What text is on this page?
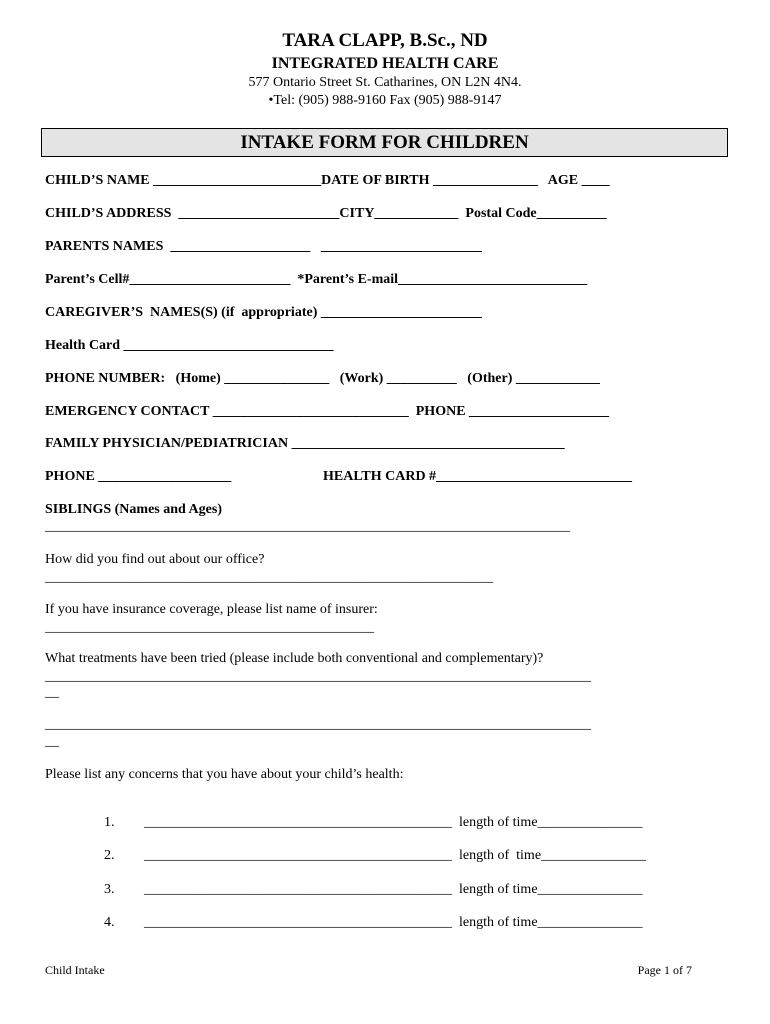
TARA CLAPP, B.Sc., ND
INTEGRATED HEALTH CARE
577 Ontario Street St. Catharines, ON L2N 4N4.
•Tel: (905) 988-9160 Fax (905) 988-9147
INTAKE FORM FOR CHILDREN
CHILD’S NAME ________________________DATE OF BIRTH _______________   AGE ____
CHILD’S ADDRESS  _______________________CITY____________  Postal Code__________
PARENTS NAMES  ____________________   _______________________
Parent’s Cell#_______________________  *Parent’s E-mail___________________________
CAREGIVER’S  NAMES(S) (if  appropriate) _______________________
Health Card ______________________________
PHONE NUMBER:   (Home) _______________   (Work) __________   (Other) ____________
EMERGENCY CONTACT ____________________________  PHONE ____________________
FAMILY PHYSICIAN/PEDIATRICIAN _______________________________________
PHONE ___________________	HEALTH CARD #____________________________
SIBLINGS (Names and Ages)
___________________________________________________________________________
How did you find out about our office?
________________________________________________________________
If you have insurance coverage, please list name of insurer:
_______________________________________________
What treatments have been tried (please include both conventional and complementary)?
______________________________________________________________________________
__
______________________________________________________________________________
__
Please list any concerns that you have about your child’s health:

1. ____________________________________________  length of time_______________

2. ____________________________________________  length of  time_______________

3. ____________________________________________  length of time_______________

4. ____________________________________________  length of time_______________

Child Intake	Page 1 of 7
